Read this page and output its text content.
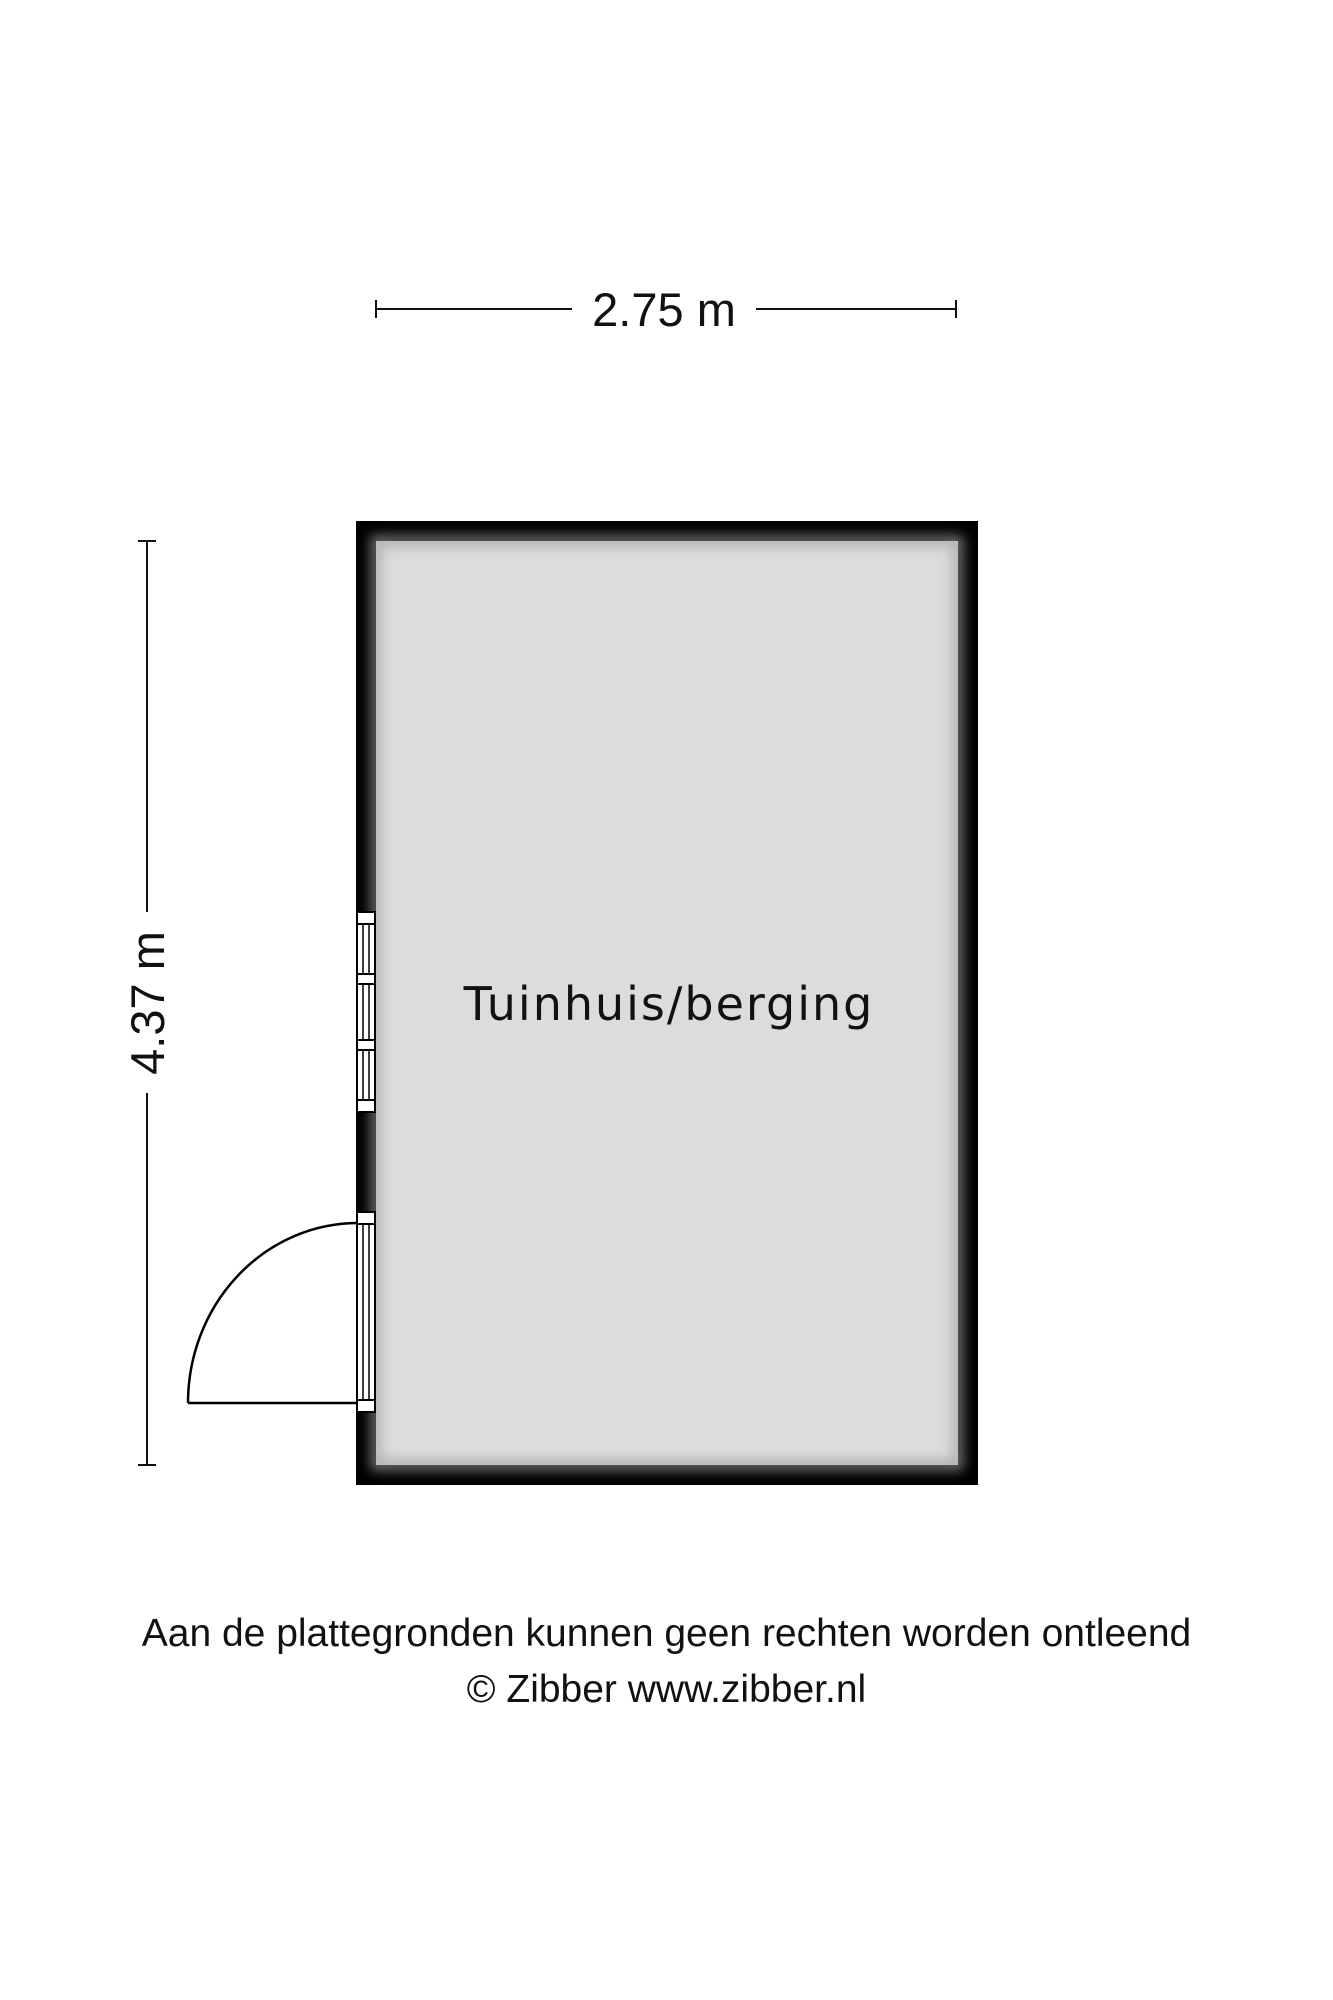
2.75 m
4.37 m	Tuinhuis/berging
Aan de plattegronden kunnen geen rechten worden ontleend
© Zibber www.zibber.nl
